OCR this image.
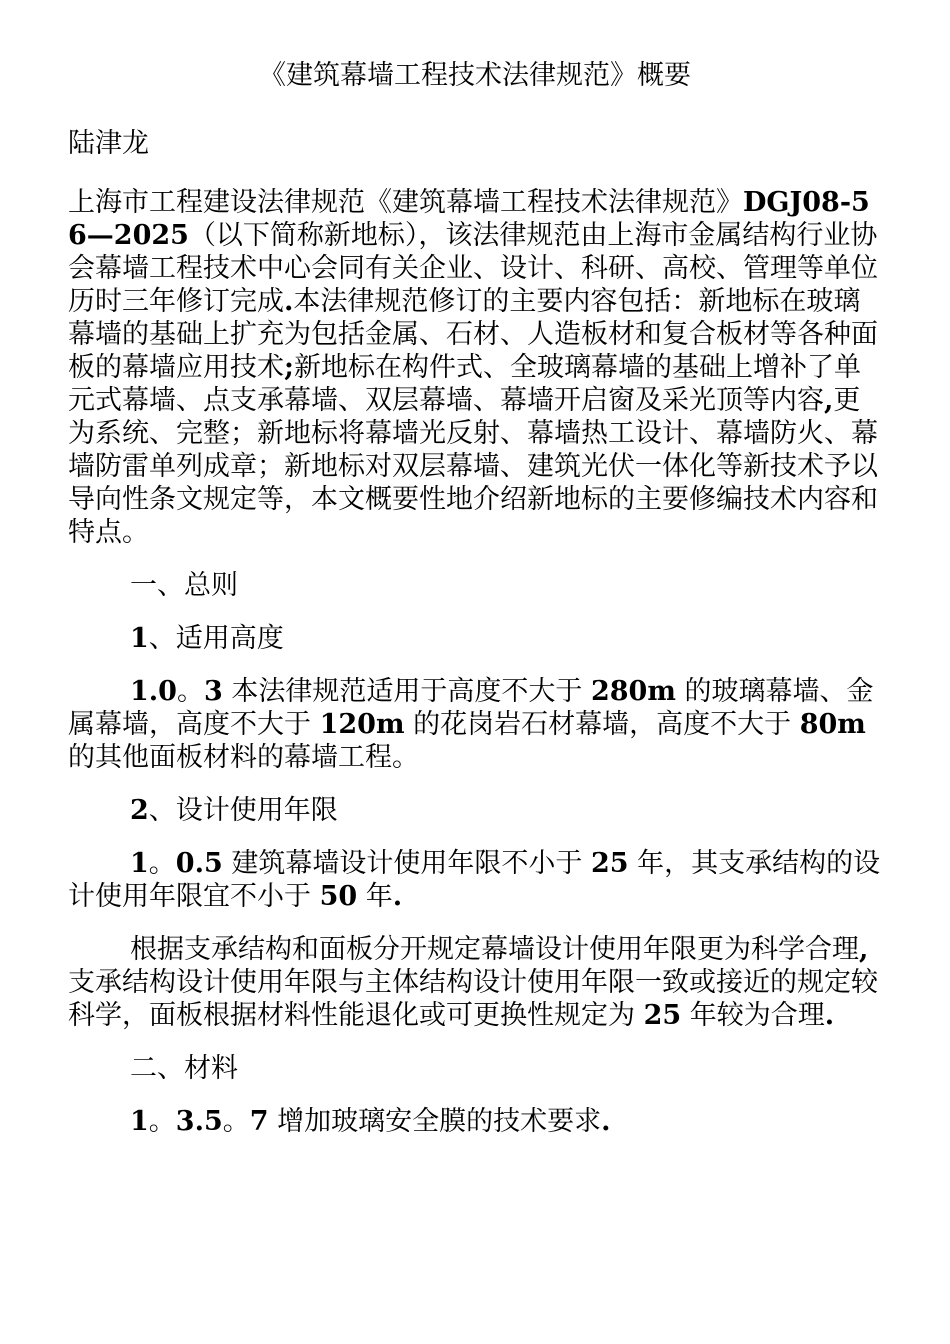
《建筑幕墙工程技术法律规范》概要

陆津龙

上海市工程建设法律规范《建筑幕墙工程技术法律规范》DGJ08-56—2025（以下简称新地标），该法律规范由上海市金属结构行业协会幕墙工程技术中心会同有关企业、设计、科研、高校、管理等单位历时三年修订完成.本法律规范修订的主要内容包括：新地标在玻璃幕墙的基础上扩充为包括金属、石材、人造板材和复合板材等各种面板的幕墙应用技术;新地标在构件式、全玻璃幕墙的基础上增补了单元式幕墙、点支承幕墙、双层幕墙、幕墙开启窗及采光顶等内容,更为系统、完整；新地标将幕墙光反射、幕墙热工设计、幕墙防火、幕墙防雷单列成章；新地标对双层幕墙、建筑光伏一体化等新技术予以导向性条文规定等，本文概要性地介绍新地标的主要修编技术内容和特点。

一、总则

1、适用高度

1.0。3 本法律规范适用于高度不大于 280m 的玻璃幕墙、金属幕墙，高度不大于 120m 的花岗岩石材幕墙，高度不大于 80m 的其他面板材料的幕墙工程。

2、设计使用年限

1。0.5 建筑幕墙设计使用年限不小于 25 年，其支承结构的设计使用年限宜不小于 50 年.

根据支承结构和面板分开规定幕墙设计使用年限更为科学合理,支承结构设计使用年限与主体结构设计使用年限一致或接近的规定较科学，面板根据材料性能退化或可更换性规定为 25 年较为合理.

二、材料

1。3.5。7 增加玻璃安全膜的技术要求.
